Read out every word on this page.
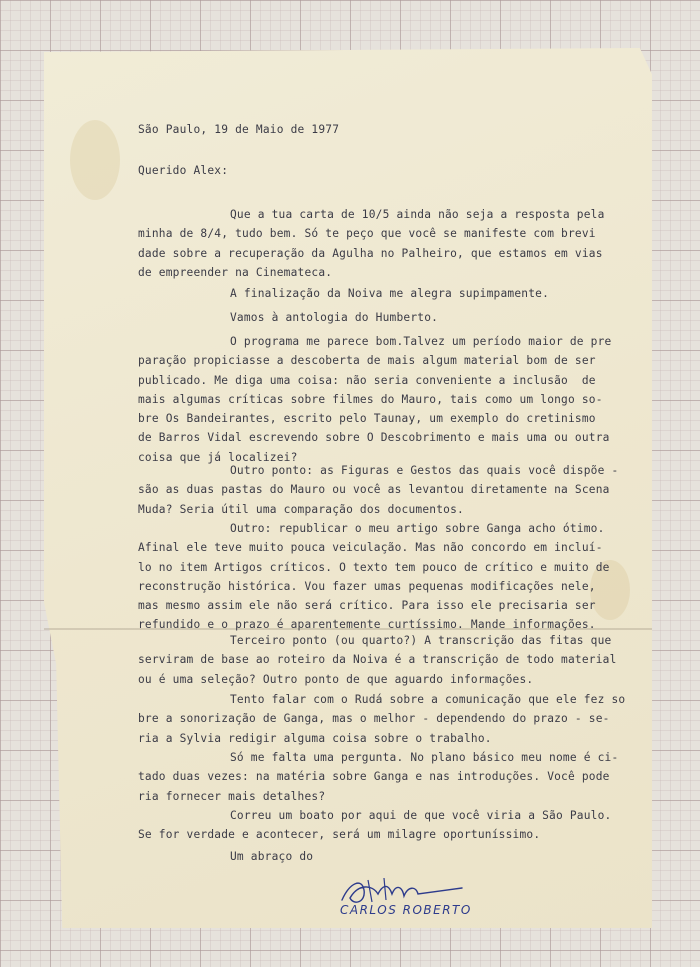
São Paulo, 19 de Maio de 1977
Querido Alex:
Que a tua carta de 10/5 ainda não seja a resposta pela
minha de 8/4, tudo bem. Só te peço que você se manifeste com brevi
dade sobre a recuperação da Agulha no Palheiro, que estamos em vias
de empreender na Cinemateca.
A finalização da Noiva me alegra supimpamente.
Vamos à antologia do Humberto.
O programa me parece bom.Talvez um período maior de pre
paração propiciasse a descoberta de mais algum material bom de ser
publicado. Me diga uma coisa: não seria conveniente a inclusão  de
mais algumas críticas sobre filmes do Mauro, tais como um longo so-
bre Os Bandeirantes, escrito pelo Taunay, um exemplo do cretinismo
de Barros Vidal escrevendo sobre O Descobrimento e mais uma ou outra
coisa que já localizei?
Outro ponto: as Figuras e Gestos das quais você dispõe -
são as duas pastas do Mauro ou você as levantou diretamente na Scena
Muda? Seria útil uma comparação dos documentos.
Outro: republicar o meu artigo sobre Ganga acho ótimo.
Afinal ele teve muito pouca veiculação. Mas não concordo em incluí-
lo no item Artigos críticos. O texto tem pouco de crítico e muito de
reconstrução histórica. Vou fazer umas pequenas modificações nele,
mas mesmo assim ele não será crítico. Para isso ele precisaria ser
refundido e o prazo é aparentemente curtíssimo. Mande informações.
Terceiro ponto (ou quarto?) A transcrição das fitas que
serviram de base ao roteiro da Noiva é a transcrição de todo material
ou é uma seleção? Outro ponto de que aguardo informações.
Tento falar com o Rudá sobre a comunicação que ele fez so
bre a sonorização de Ganga, mas o melhor - dependendo do prazo - se-
ria a Sylvia redigir alguma coisa sobre o trabalho.
Só me falta uma pergunta. No plano básico meu nome é ci-
tado duas vezes: na matéria sobre Ganga e nas introduções. Você pode
ria fornecer mais detalhes?
Correu um boato por aqui de que você viria a São Paulo.
Se for verdade e acontecer, será um milagre oportuníssimo.
Um abraço do
CARLOS ROBERTO
